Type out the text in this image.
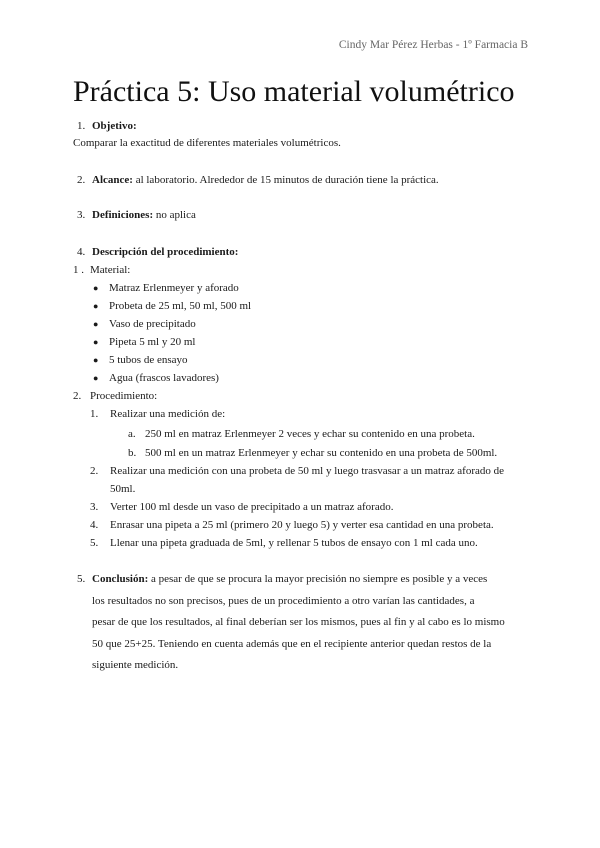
Cindy Mar Pérez Herbas - 1º Farmacia B
Práctica 5: Uso material volumétrico
1. Objetivo:
Comparar la exactitud de diferentes materiales volumétricos.
2. Alcance: al laboratorio. Alrededor de 15 minutos de duración tiene la práctica.
3. Definiciones: no aplica
4. Descripción del procedimiento:
1 . Material:
● Matraz Erlenmeyer y aforado
● Probeta de 25 ml, 50 ml, 500 ml
● Vaso de precipitado
● Pipeta 5 ml y 20 ml
● 5 tubos de ensayo
● Agua (frascos lavadores)
2. Procedimiento:
1. Realizar una medición de:
a. 250 ml en matraz Erlenmeyer 2 veces y echar su contenido en una probeta.
b. 500 ml en un matraz Erlenmeyer y echar su contenido en una probeta de 500ml.
2. Realizar una medición con una probeta de 50 ml y luego trasvasar a un matraz aforado de
50ml.
3. Verter 100 ml desde un vaso de precipitado a un matraz aforado.
4. Enrasar una pipeta a 25 ml (primero 20 y luego 5) y verter esa cantidad en una probeta.
5. Llenar una pipeta graduada de 5ml, y rellenar 5 tubos de ensayo con 1 ml cada uno.
5. Conclusión: a pesar de que se procura la mayor precisión no siempre es posible y a veces
los resultados no son precisos, pues de un procedimiento a otro varían las cantidades, a
pesar de que los resultados, al final deberían ser los mismos, pues al fin y al cabo es lo mismo
50 que 25+25. Teniendo en cuenta además que en el recipiente anterior quedan restos de la
siguiente medición.
